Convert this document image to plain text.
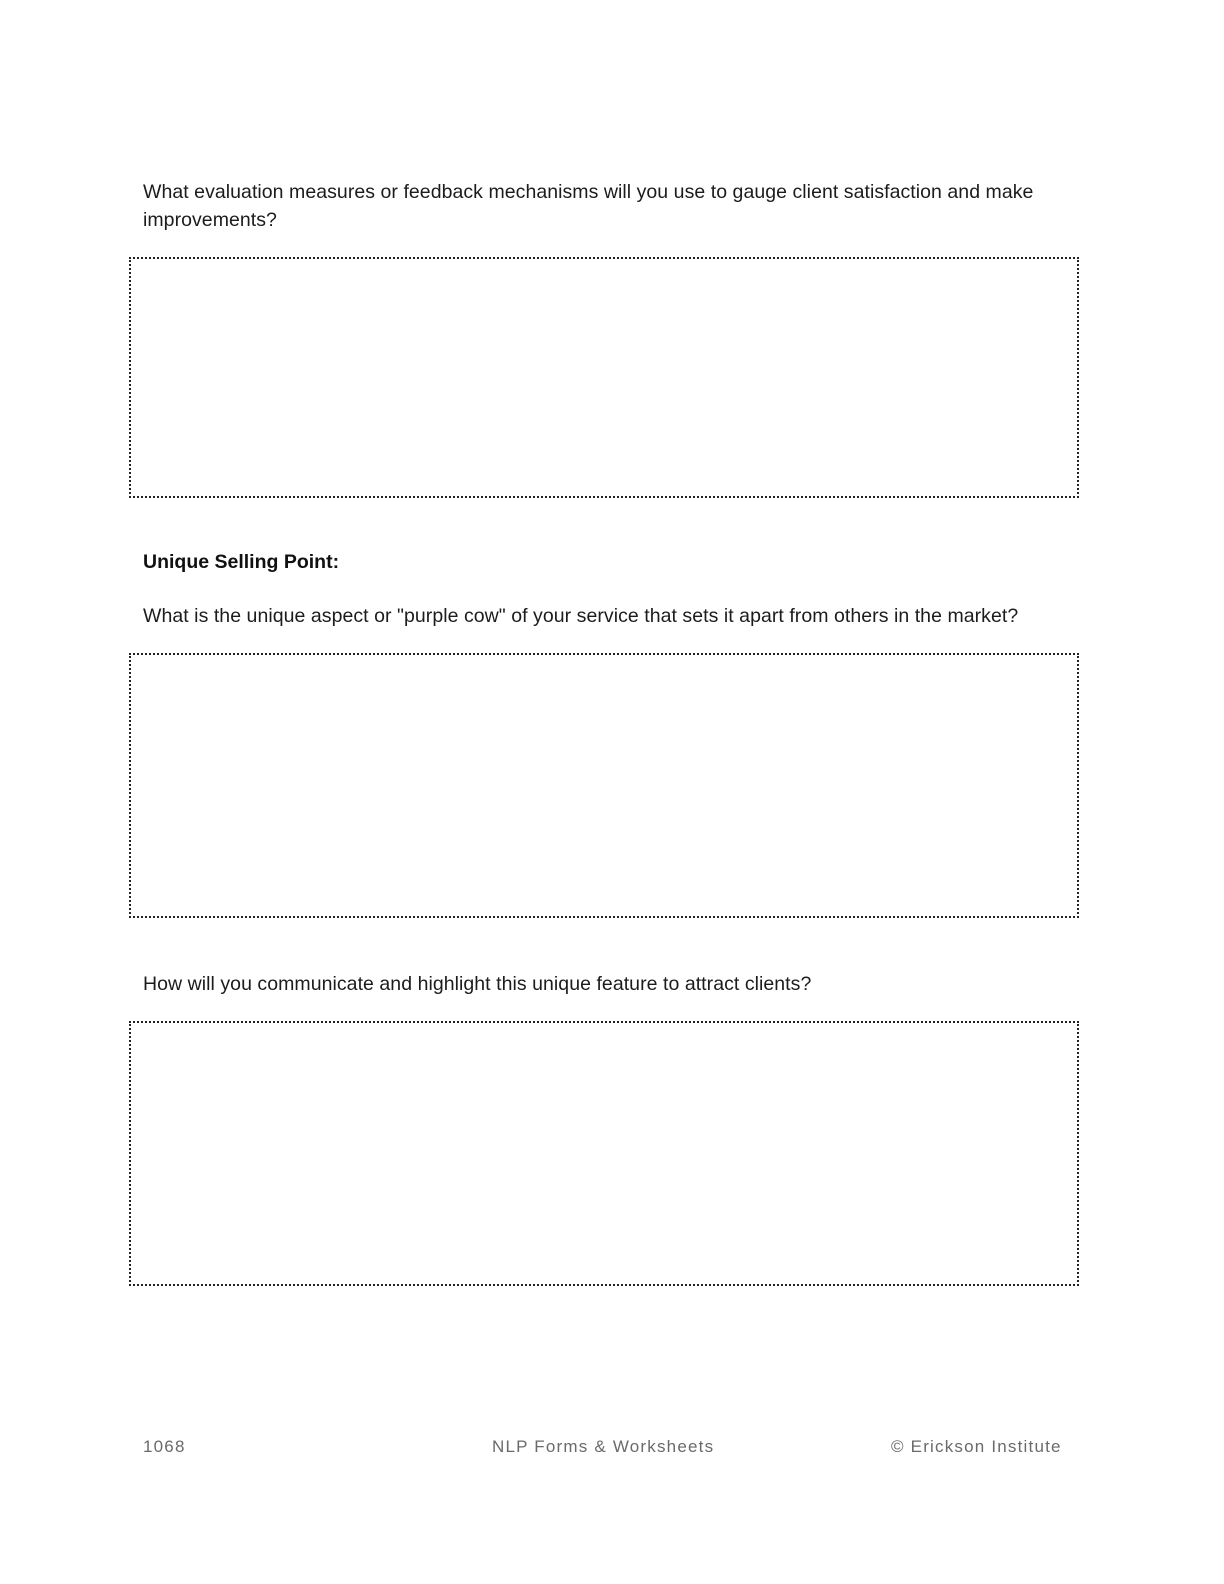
What evaluation measures or feedback mechanisms will you use to gauge client satisfaction and make improvements?
Unique Selling Point:
What is the unique aspect or "purple cow" of your service that sets it apart from others in the market?
How will you communicate and highlight this unique feature to attract clients?
1068	NLP Forms & Worksheets	© Erickson Institute
